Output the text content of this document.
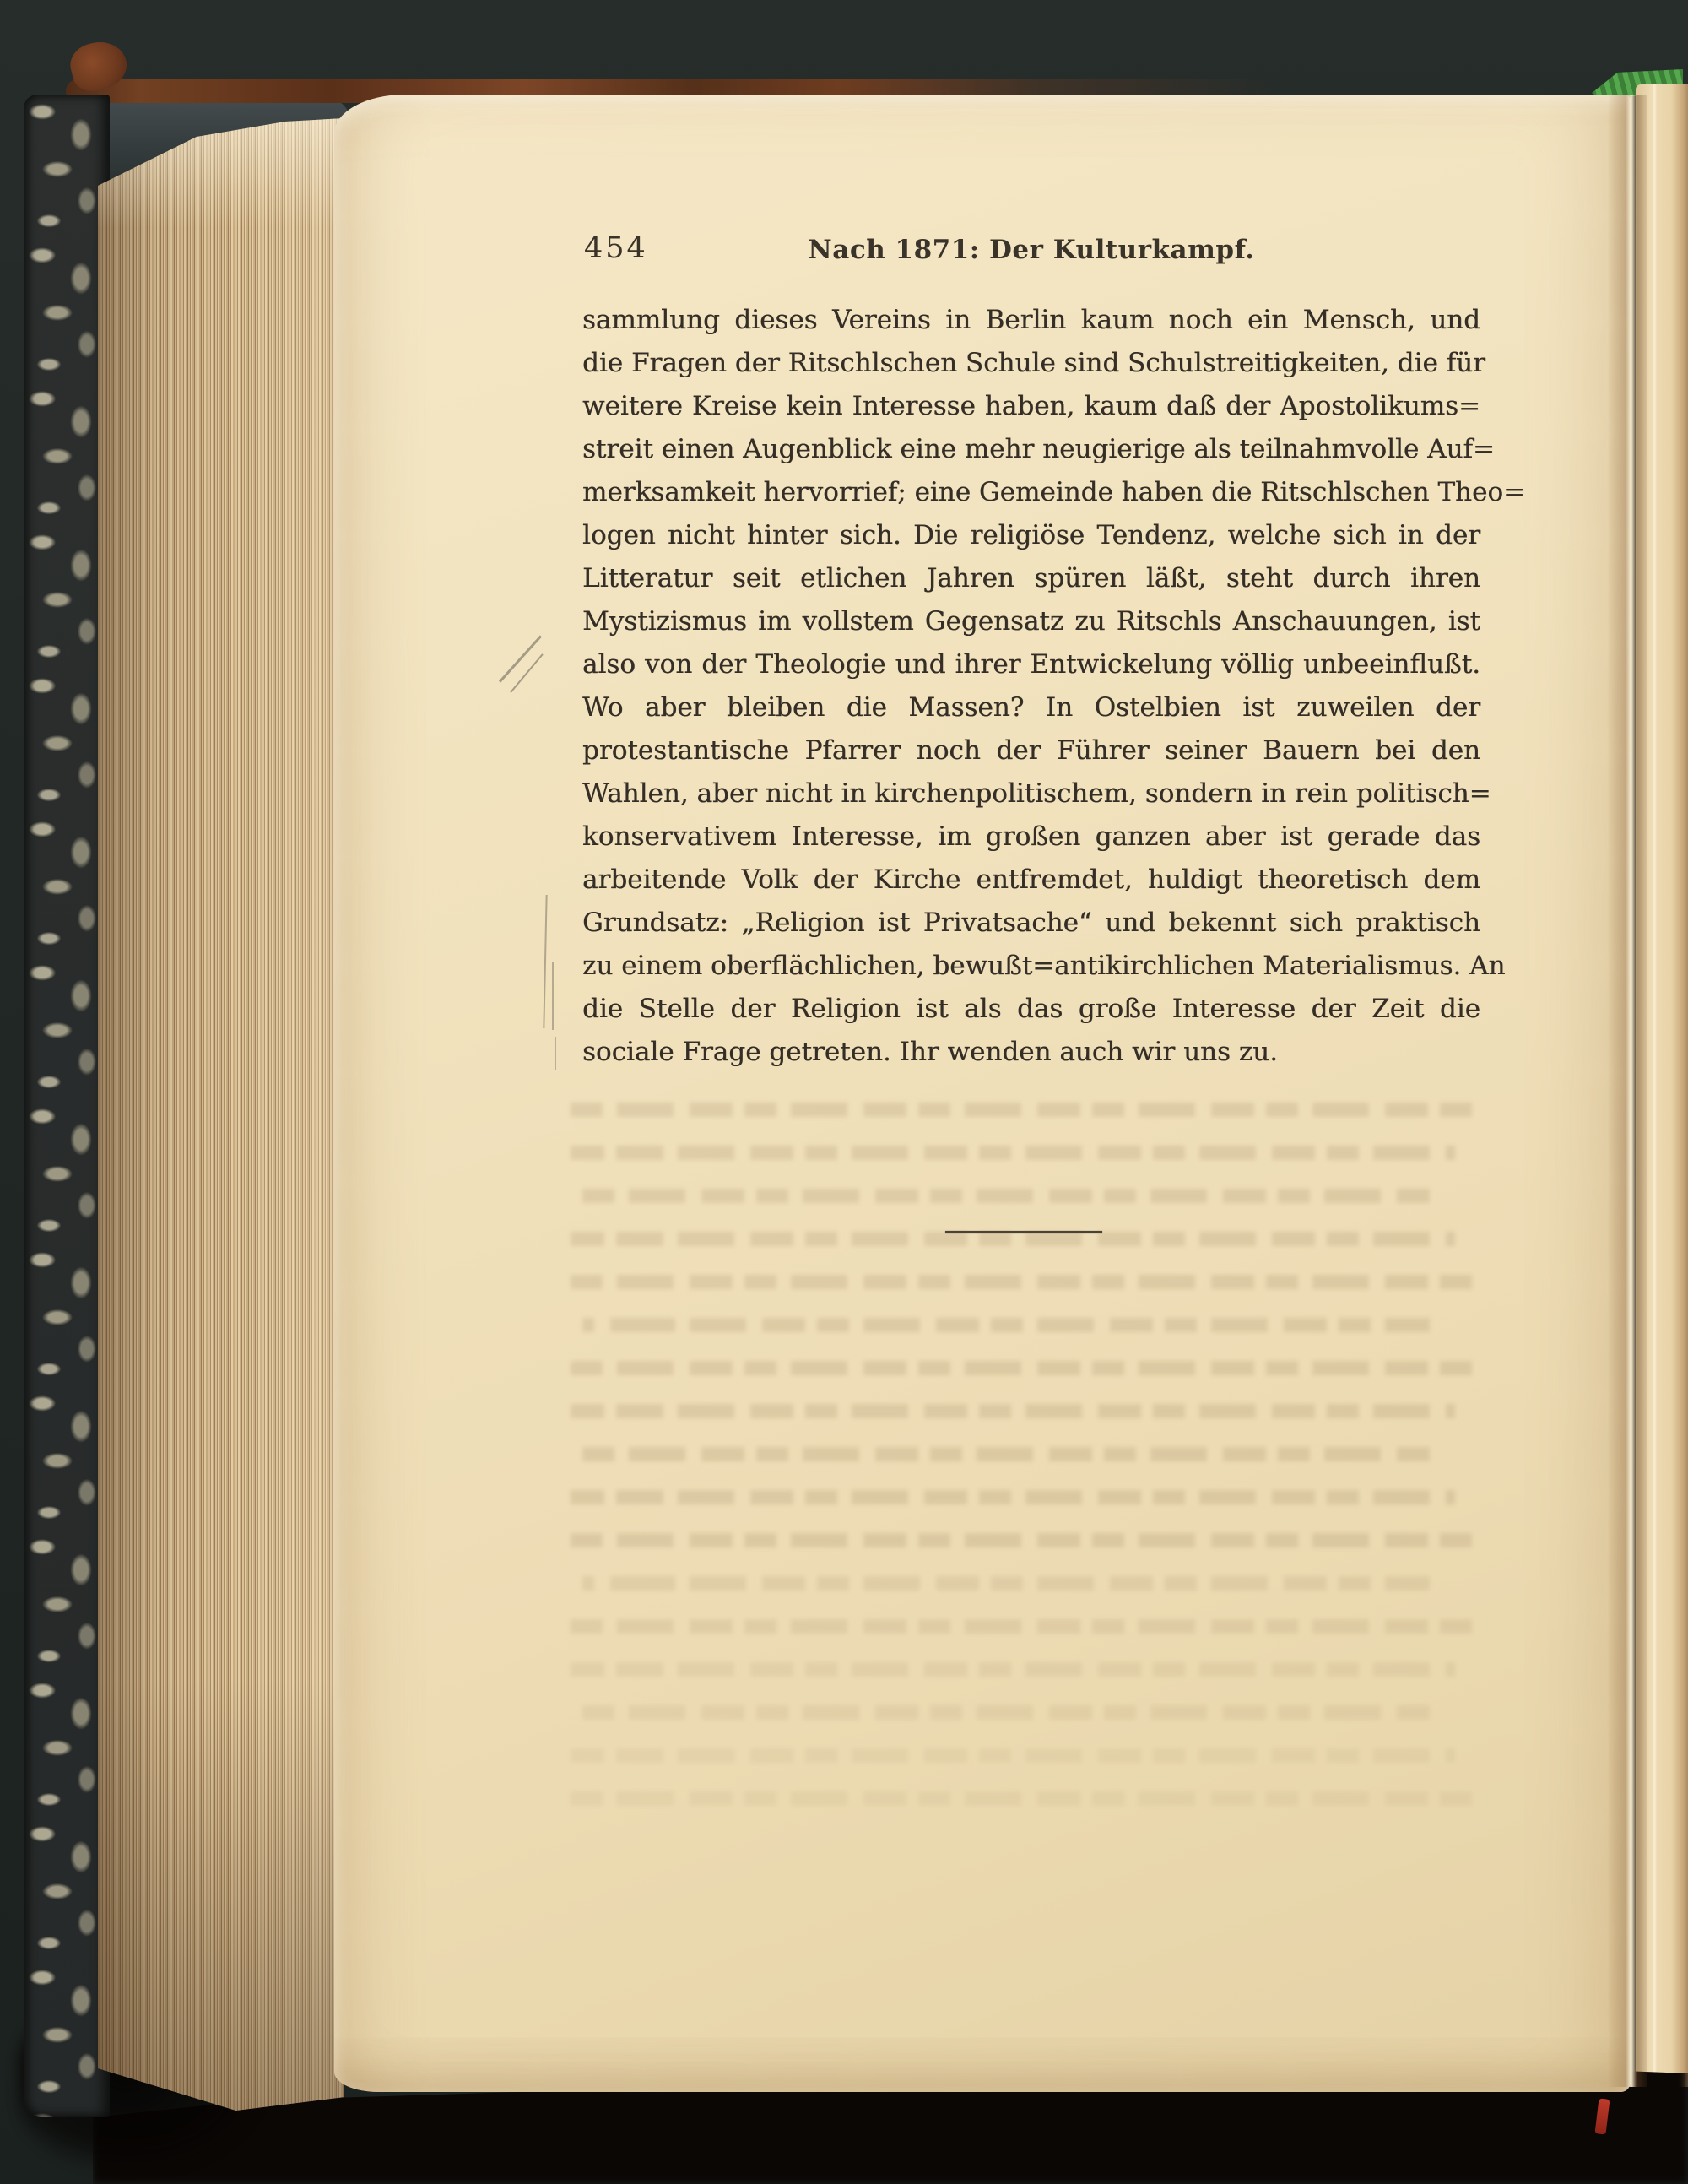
454	Nach 1871: Der Kulturkampf.
sammlung dieses Vereins in Berlin kaum noch ein Mensch, und
die Fragen der Ritschlschen Schule sind Schulstreitigkeiten, die für
weitere Kreise kein Interesse haben, kaum daß der Apostolikums=
streit einen Augenblick eine mehr neugierige als teilnahmvolle Auf=
merksamkeit hervorrief; eine Gemeinde haben die Ritschlschen Theo=
logen nicht hinter sich. Die religiöse Tendenz, welche sich in der
Litteratur seit etlichen Jahren spüren läßt, steht durch ihren
Mystizismus im vollstem Gegensatz zu Ritschls Anschauungen, ist
also von der Theologie und ihrer Entwickelung völlig unbeeinflußt.
Wo aber bleiben die Massen? In Ostelbien ist zuweilen der
protestantische Pfarrer noch der Führer seiner Bauern bei den
Wahlen, aber nicht in kirchenpolitischem, sondern in rein politisch=
konservativem Interesse, im großen ganzen aber ist gerade das
arbeitende Volk der Kirche entfremdet, huldigt theoretisch dem
Grundsatz: „Religion ist Privatsache“ und bekennt sich praktisch
zu einem oberflächlichen, bewußt=antikirchlichen Materialismus. An
die Stelle der Religion ist als das große Interesse der Zeit die
sociale Frage getreten. Ihr wenden auch wir uns zu.
